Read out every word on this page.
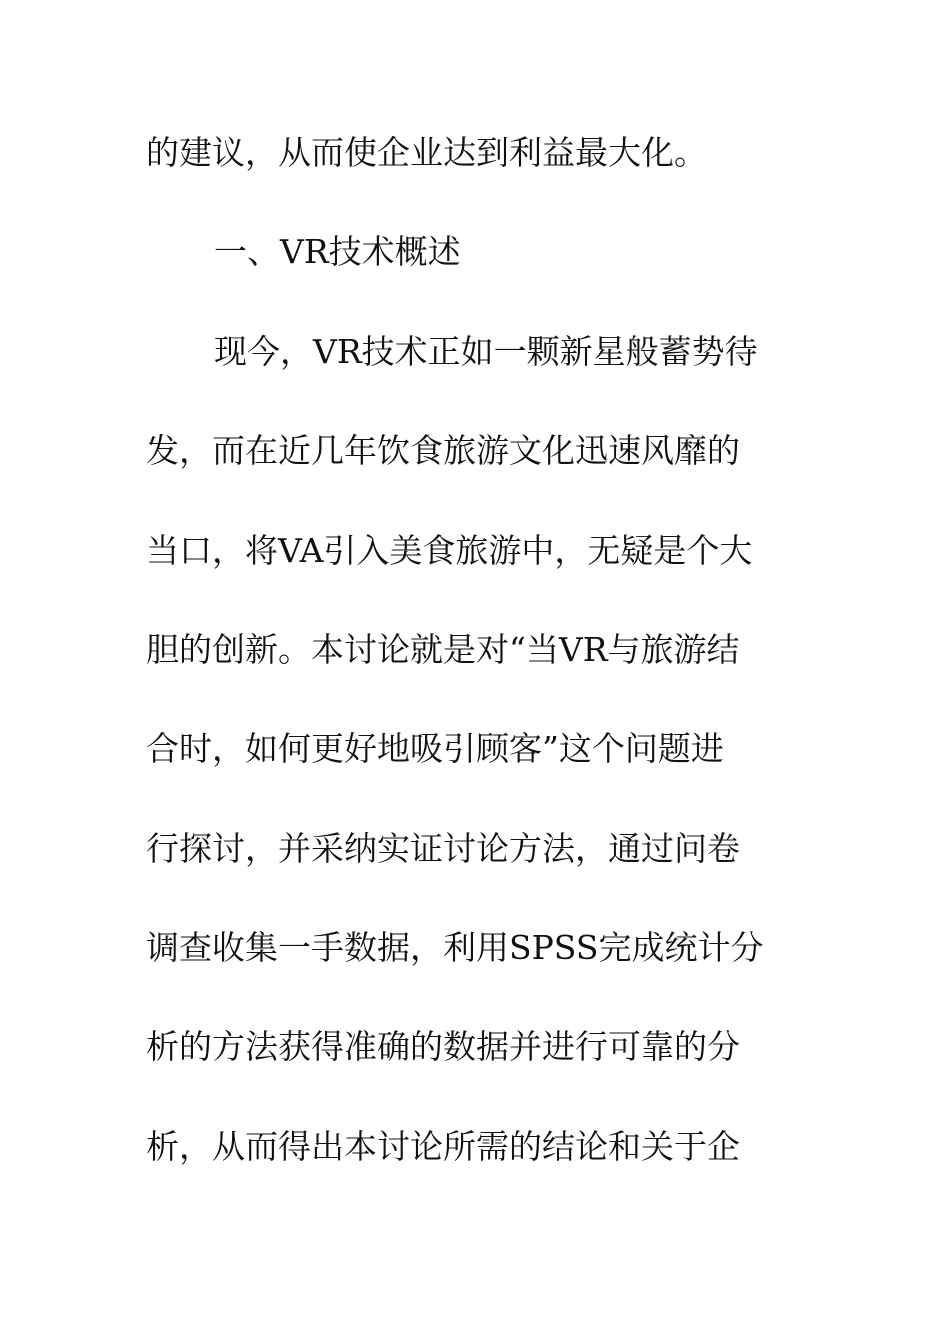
的建议，从而使企业达到利益最大化。
一、VR技术概述
现今，VR技术正如一颗新星般蓄势待
发，而在近几年饮食旅游文化迅速风靡的
当口，将VA引入美食旅游中，无疑是个大
胆的创新。本讨论就是对“当VR与旅游结
合时，如何更好地吸引顾客”这个问题进
行探讨，并采纳实证讨论方法，通过问卷
调查收集一手数据，利用SPSS完成统计分
析的方法获得准确的数据并进行可靠的分
析，从而得出本讨论所需的结论和关于企
